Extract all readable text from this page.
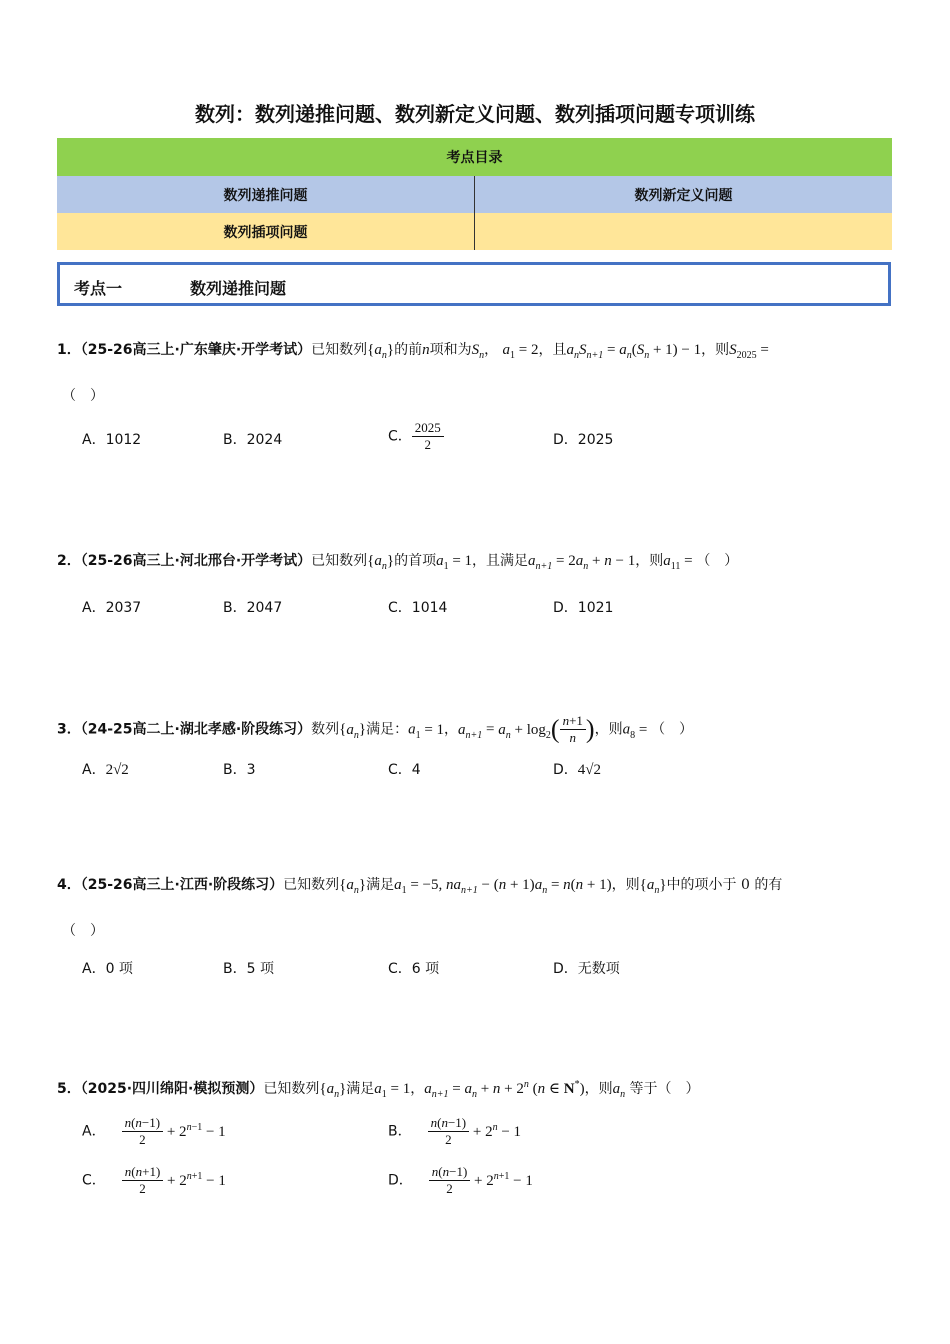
数列：数列递推问题、数列新定义问题、数列插项问题专项训练
考点目录	
数列递推问题	数列新定义问题
数列插项问题	
考点一	数列递推问题
1．（25-26高三上·广东肇庆·开学考试）已知数列$\{a_n\}$的前n项和为$S_n$， $a_1 = 2$，且$a_nS_{n+1} = a_n(S_n + 1) - 1$，则$S_{2025}$ =
（　）
A．1012	B．2024	C． $\frac{2025}{2}$	D．2025
2．（25-26高三上·河北邢台·开学考试）已知数列$\{a_n\}$的首项$a_1 = 1$，且满足$a_{n+1} = 2a_n + n - 1$，则$a_{11}$ = （　）
A．2037	B．2047	C．1014	D．1021
3．（24-25高二上·湖北孝感·阶段练习）数列$\{a_n\}$满足：$a_1 = 1$，$a_{n+1} = a_n + \log_2( \frac{n+1}{n}$ )，则$a_8$ = （　）
A．2√2	B．3	C．4	D．4√2
4．（25-26高三上·江西·阶段练习）已知数列$\{a_n\}$满足$a_1 = -5$, $na_{n+1} - (n + 1)a_n = n(n + 1)$，则$\{a_n\}$中的项小于 0 的有
（　）
A．0 项	B．5 项	C．6 项	D．无数项
5．（2025·四川绵阳·模拟预测）已知数列$\{a_n\}$满足$a_1 = 1$，$a_{n+1} = a_n + n + 2^n$ (n ∈ N*)，则$a_n$ 等于（　）
A． $\frac{n(n-1)}{2} + 2^{n-1} - 1$	B． $\frac{n(n-1)}{2} + 2^n - 1$
C． $\frac{n(n+1)}{2} + 2^{n+1} - 1$	D． $\frac{n(n-1)}{2} + 2^{n+1} - 1$
